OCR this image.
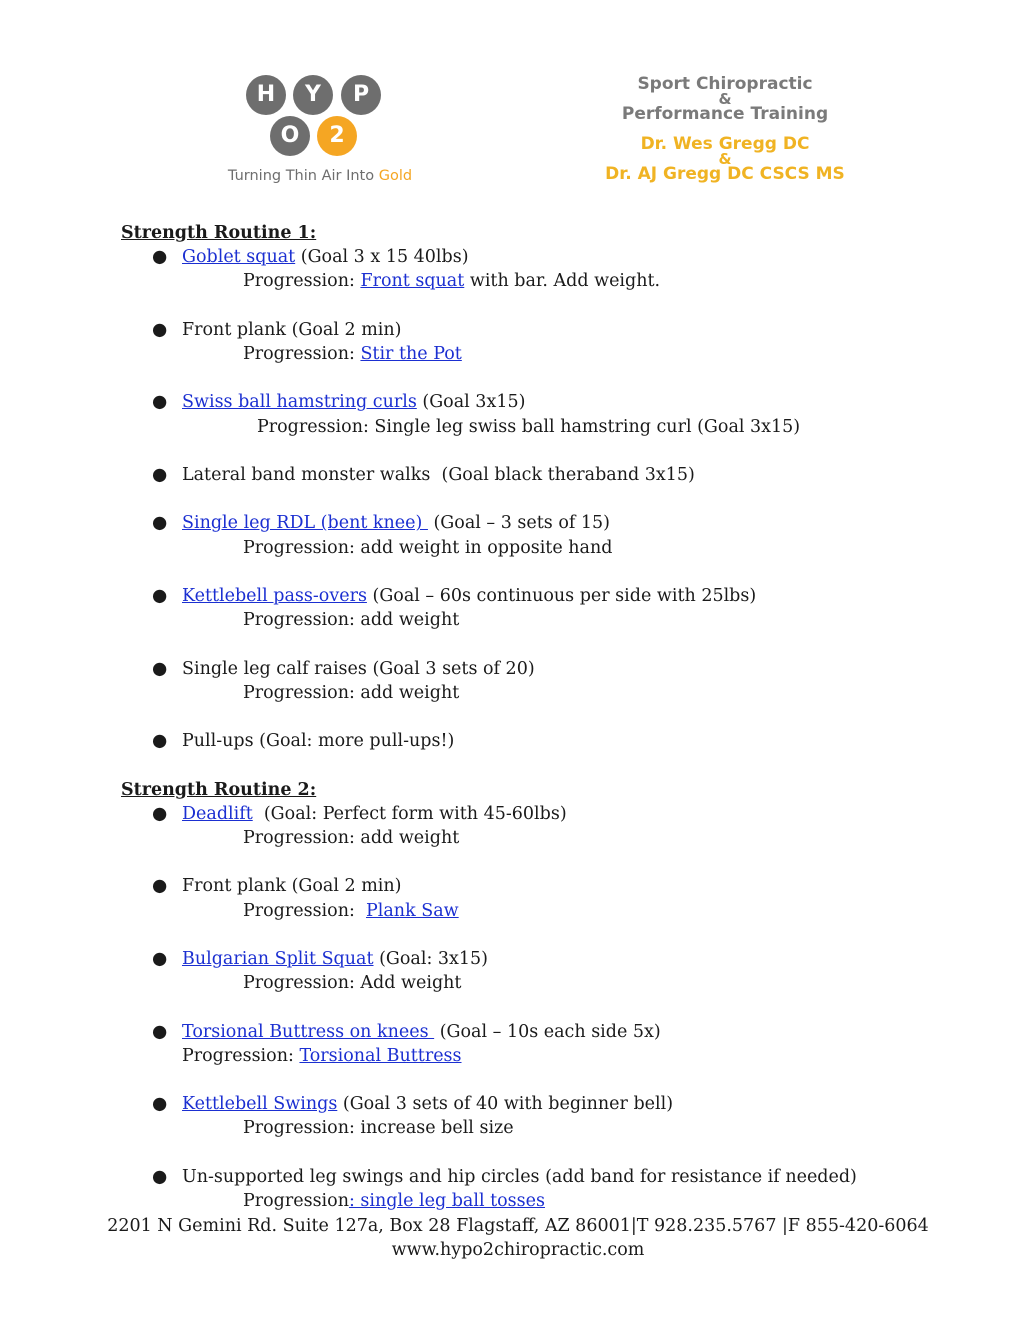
H	Y	P
O	2
Turning Thin Air Into Gold
Sport Chiropractic
&
Performance Training
Dr. Wes Gregg DC
&
Dr. AJ Gregg DC CSCS MS

Strength Routine 1:

● Goblet squat (Goal 3 x 15 40lbs)
Progression: Front squat with bar. Add weight.
● Front plank (Goal 2 min)
Progression: Stir the Pot
● Swiss ball hamstring curls (Goal 3x15)
Progression: Single leg swiss ball hamstring curl (Goal 3x15)
● Lateral band monster walks  (Goal black theraband 3x15)
● Single leg RDL (bent knee)  (Goal – 3 sets of 15)
Progression: add weight in opposite hand
● Kettlebell pass-overs (Goal – 60s continuous per side with 25lbs)
Progression: add weight
● Single leg calf raises (Goal 3 sets of 20)
Progression: add weight
● Pull-ups (Goal: more pull-ups!)

Strength Routine 2:

● Deadlift  (Goal: Perfect form with 45-60lbs)
Progression: add weight
● Front plank (Goal 2 min)
Progression:  Plank Saw
● Bulgarian Split Squat (Goal: 3x15)
Progression: Add weight
● Torsional Buttress on knees  (Goal – 10s each side 5x)
Progression: Torsional Buttress
● Kettlebell Swings (Goal 3 sets of 40 with beginner bell)
Progression: increase bell size
● Un-supported leg swings and hip circles (add band for resistance if needed)
Progression: single leg ball tosses
2201 N Gemini Rd. Suite 127a, Box 28 Flagstaff, AZ 86001|T 928.235.5767 |F 855-420-6064
www.hypo2chiropractic.com
